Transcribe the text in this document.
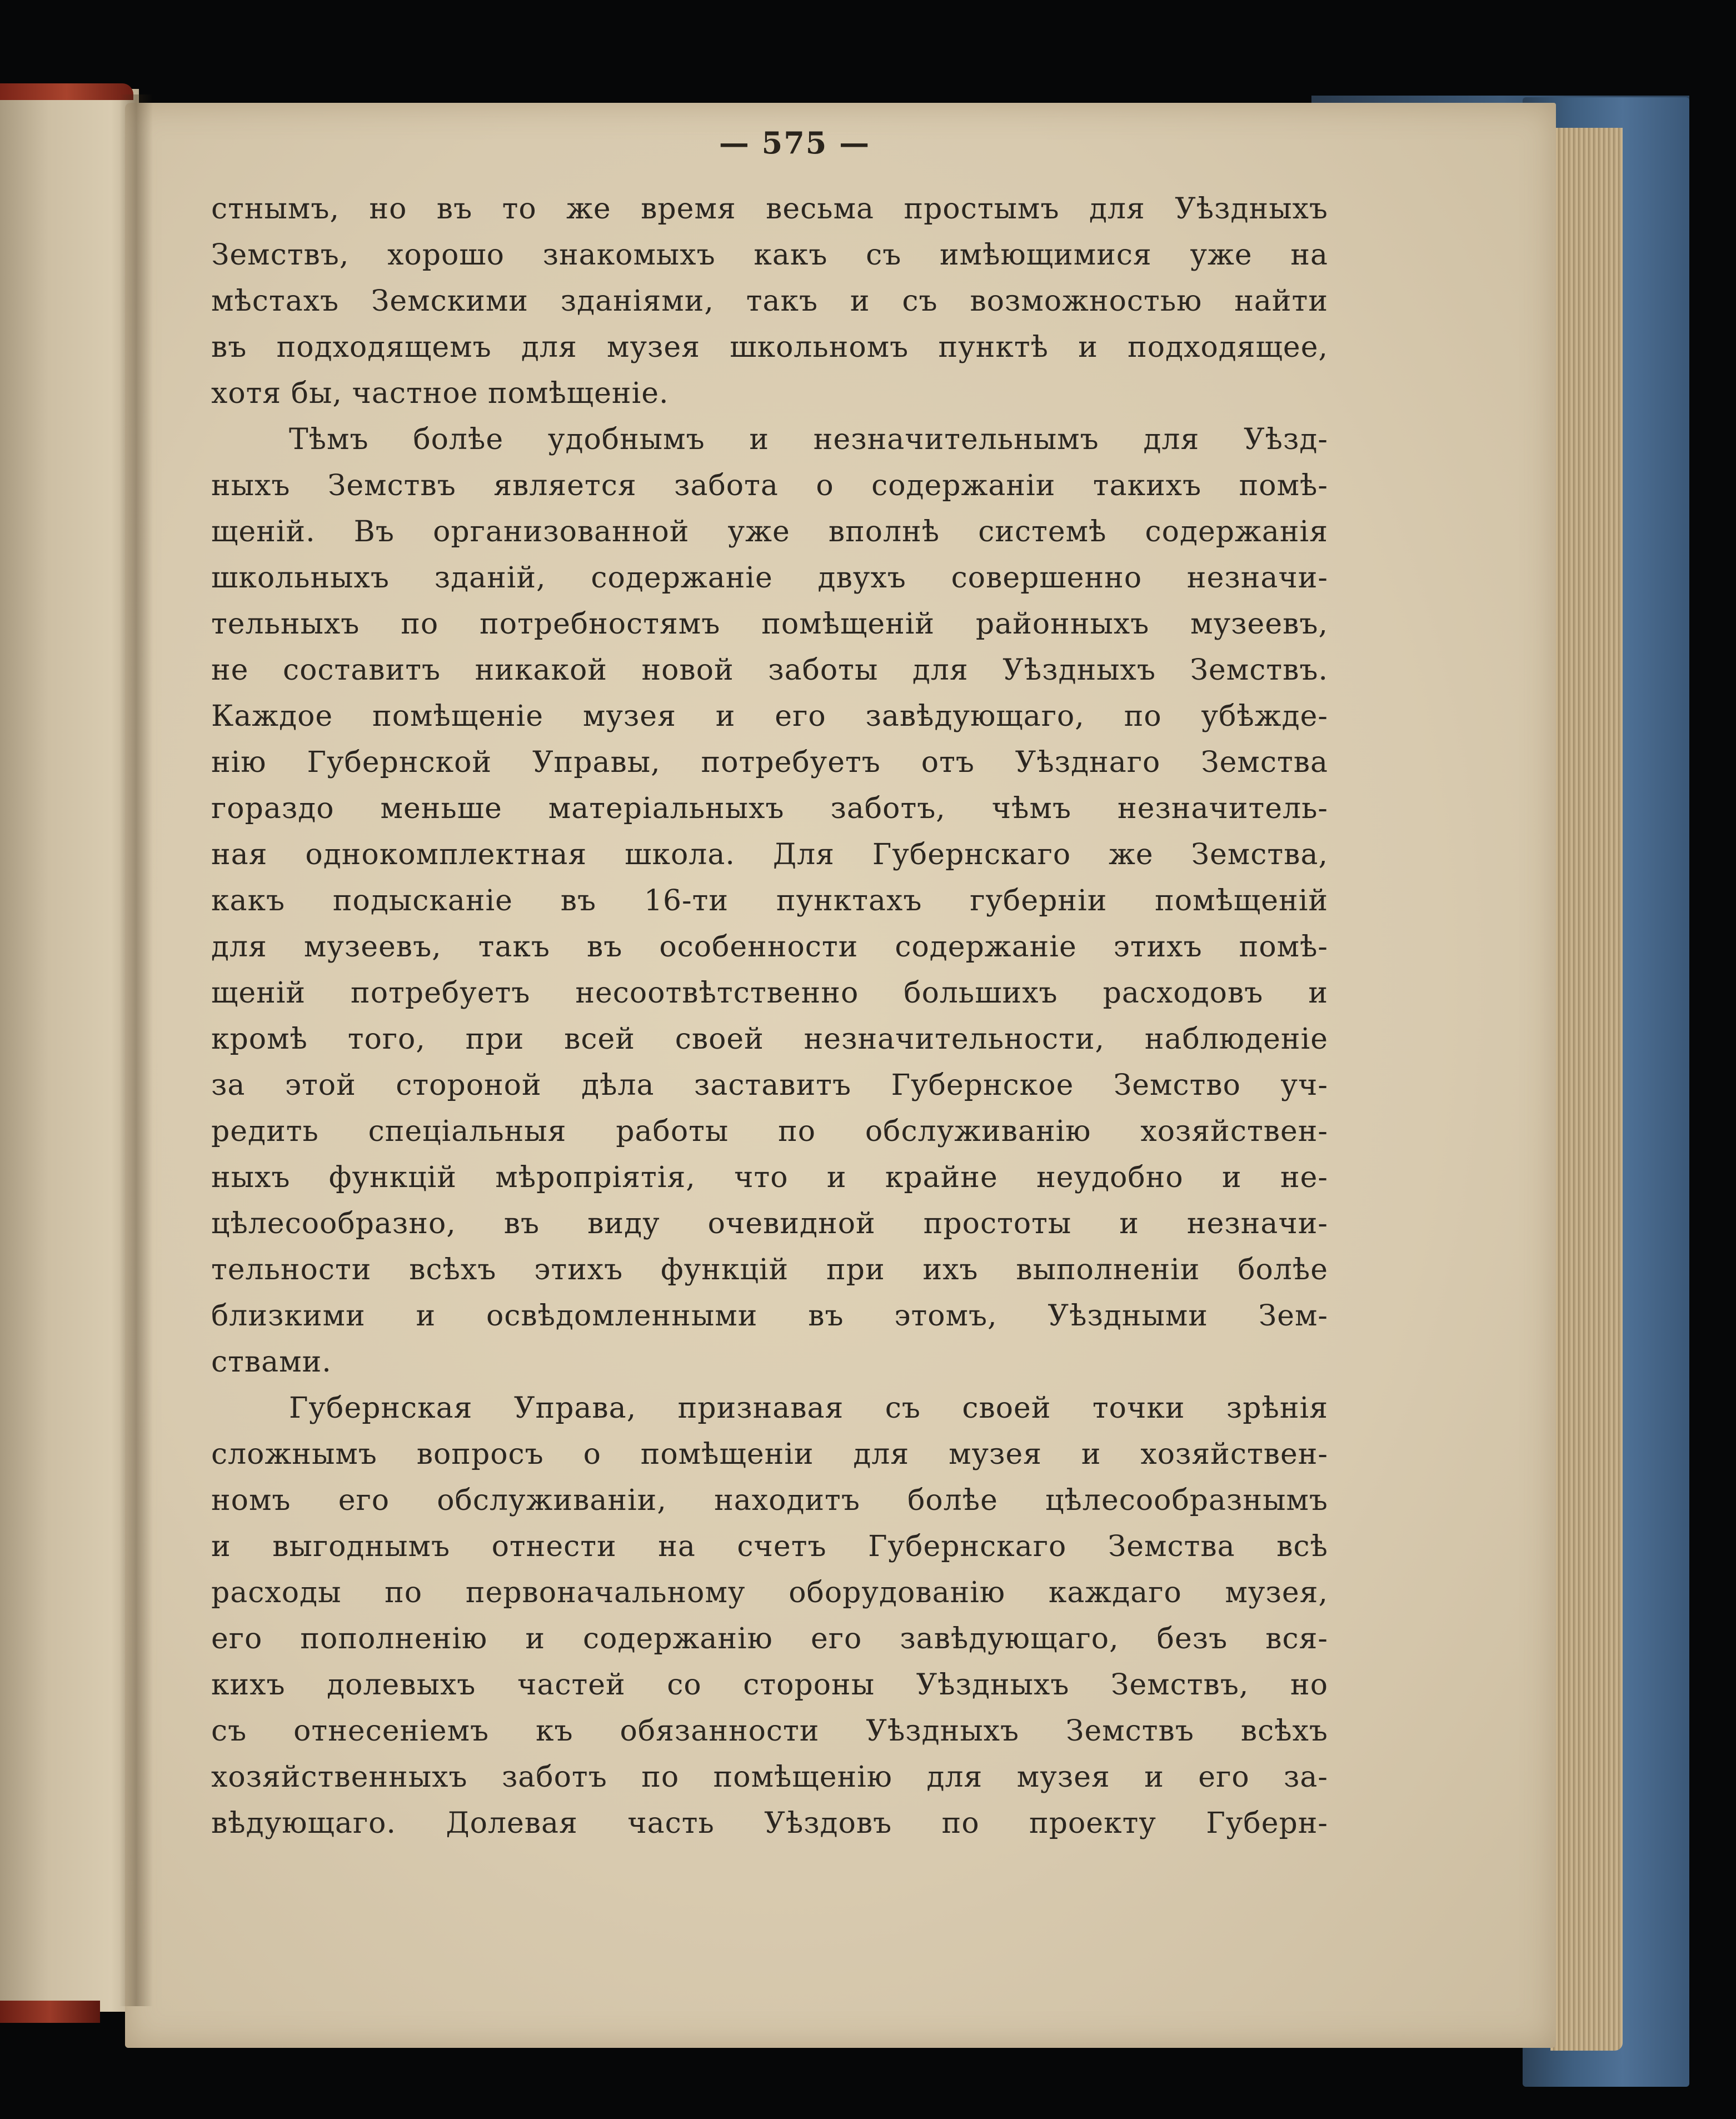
— 575 —
стнымъ, но въ то же время весьма простымъ для Уѣздныхъ
Земствъ, хорошо знакомыхъ какъ съ имѣющимися уже на
мѣстахъ Земскими зданіями, такъ и съ возможностью найти
въ подходящемъ для музея школьномъ пунктѣ и подходящее,
хотя бы, частное помѣщеніе.
Тѣмъ болѣе удобнымъ и незначительнымъ для Уѣзд-
ныхъ Земствъ является забота о содержаніи такихъ помѣ-
щеній. Въ организованной уже вполнѣ системѣ содержанія
школьныхъ зданій, содержаніе двухъ совершенно незначи-
тельныхъ по потребностямъ помѣщеній районныхъ музеевъ,
не составитъ никакой новой заботы для Уѣздныхъ Земствъ.
Каждое помѣщеніе музея и его завѣдующаго, по убѣжде-
нію Губернской Управы, потребуетъ отъ Уѣзднаго Земства
гораздо меньше матеріальныхъ заботъ, чѣмъ незначитель-
ная однокомплектная школа. Для Губернскаго же Земства,
какъ подысканіе въ 16-ти пунктахъ губерніи помѣщеній
для музеевъ, такъ въ особенности содержаніе этихъ помѣ-
щеній потребуетъ несоотвѣтственно большихъ расходовъ и
кромѣ того, при всей своей незначительности, наблюденіе
за этой стороной дѣла заставитъ Губернское Земство уч-
редить спеціальныя работы по обслуживанію хозяйствен-
ныхъ функцій мѣропріятія, что и крайне неудобно и не-
цѣлесообразно, въ виду очевидной простоты и незначи-
тельности всѣхъ этихъ функцій при ихъ выполненіи болѣе
близкими и освѣдомленными въ этомъ, Уѣздными Зем-
ствами.
Губернская Управа, признавая съ своей точки зрѣнія
сложнымъ вопросъ о помѣщеніи для музея и хозяйствен-
номъ его обслуживаніи, находитъ болѣе цѣлесообразнымъ
и выгоднымъ отнести на счетъ Губернскаго Земства всѣ
расходы по первоначальному оборудованію каждаго музея,
его пополненію и содержанію его завѣдующаго, безъ вся-
кихъ долевыхъ частей со стороны Уѣздныхъ Земствъ, но
съ отнесеніемъ къ обязанности Уѣздныхъ Земствъ всѣхъ
хозяйственныхъ заботъ по помѣщенію для музея и его за-
вѣдующаго. Долевая часть Уѣздовъ по проекту Губерн-
